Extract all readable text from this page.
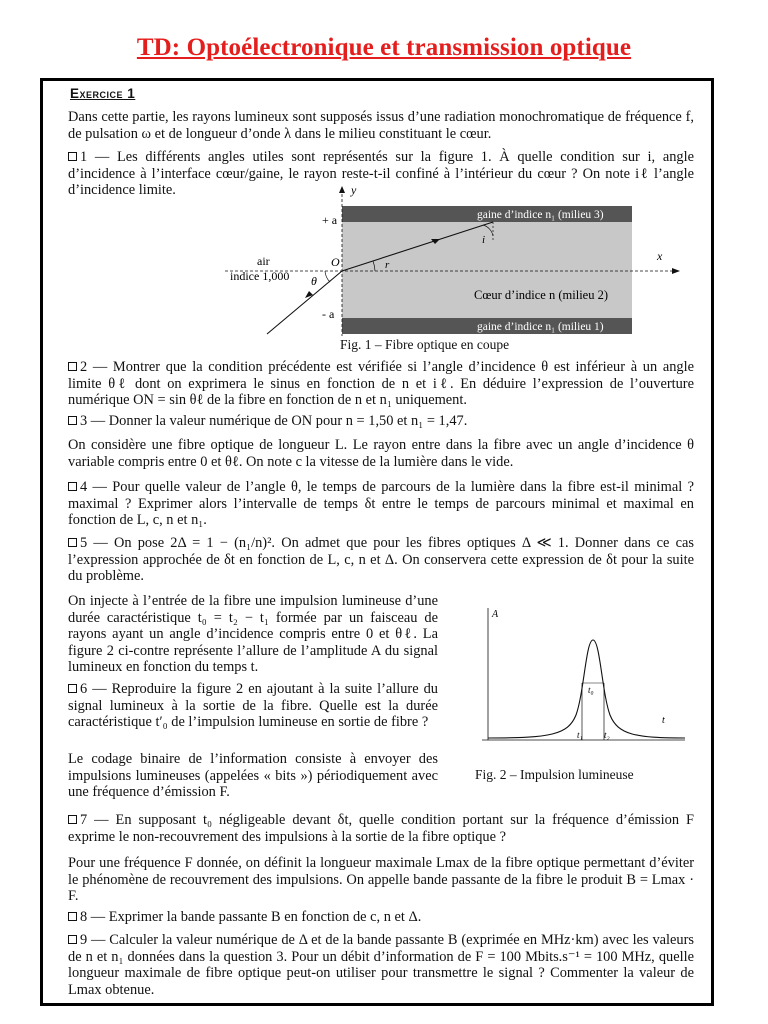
TD: Optoélectronique et transmission optique
Exercice 1
Dans cette partie, les rayons lumineux sont supposés issus d’une radiation monochromatique de fréquence f, de pulsation ω et de longueur d’onde λ dans le milieu constituant le cœur.
1 — Les différents angles utiles sont représentés sur la figure 1. À quelle condition sur i, angle d’incidence à l’interface cœur/gaine, le rayon reste-t-il confiné à l’intérieur du cœur ? On note iℓ l’angle d’incidence limite.
+ a
- a
O
y
x
θ
r
i
air
indice 1,000
gaine d’indice n₁ (milieu 3)
Cœur d’indice n (milieu 2)
gaine d’indice n₁ (milieu 1)
Fig. 1 – Fibre optique en coupe
2 — Montrer que la condition précédente est vérifiée si l’angle d’incidence θ est inférieur à un angle limite θℓ dont on exprimera le sinus en fonction de n et iℓ. En déduire l’expression de l’ouverture numérique ON = sin θℓ de la fibre en fonction de n et n₁ uniquement.
3 — Donner la valeur numérique de ON pour n = 1,50 et n₁ = 1,47.
On considère une fibre optique de longueur L. Le rayon entre dans la fibre avec un angle d’incidence θ variable compris entre 0 et θℓ. On note c la vitesse de la lumière dans le vide.
4 — Pour quelle valeur de l’angle θ, le temps de parcours de la lumière dans la fibre est-il minimal ? maximal ? Exprimer alors l’intervalle de temps δt entre le temps de parcours minimal et maximal en fonction de L, c, n et n₁.
5 — On pose 2Δ = 1 − (n₁/n)². On admet que pour les fibres optiques Δ ≪ 1. Donner dans ce cas l’expression approchée de δt en fonction de L, c, n et Δ. On conservera cette expression de δt pour la suite du problème.
On injecte à l’entrée de la fibre une impulsion lumineuse d’une durée caractéristique t₀ = t₂ − t₁ formée par un faisceau de rayons ayant un angle d’incidence compris entre 0 et θℓ. La figure 2 ci-contre représente l’allure de l’amplitude A du signal lumineux en fonction du temps t.
6 — Reproduire la figure 2 en ajoutant à la suite l’allure du signal lumineux à la sortie de la fibre. Quelle est la durée caractéristique t′₀ de l’impulsion lumineuse en sortie de fibre ?
Le codage binaire de l’information consiste à envoyer des impulsions lumineuses (appelées « bits ») périodiquement avec une fréquence d’émission F.
A
t
t₀
t₁ t₂
Fig. 2 – Impulsion lumineuse
7 — En supposant t₀ négligeable devant δt, quelle condition portant sur la fréquence d’émission F exprime le non-recouvrement des impulsions à la sortie de la fibre optique ?
Pour une fréquence F donnée, on définit la longueur maximale Lmax de la fibre optique permettant d’éviter le phénomène de recouvrement des impulsions. On appelle bande passante de la fibre le produit B = Lmax · F.
8 — Exprimer la bande passante B en fonction de c, n et Δ.
9 — Calculer la valeur numérique de Δ et de la bande passante B (exprimée en MHz·km) avec les valeurs de n et n₁ données dans la question 3. Pour un débit d’information de F = 100 Mbits.s⁻¹ = 100 MHz, quelle longueur maximale de fibre optique peut-on utiliser pour transmettre le signal ? Commenter la valeur de Lmax obtenue.
